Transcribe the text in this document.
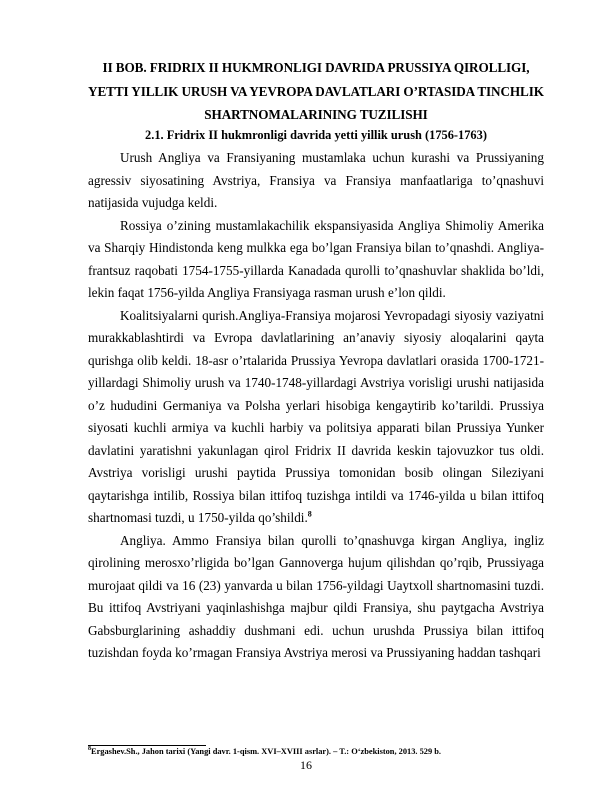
II BOB. FRIDRIX II HUKMRONLIGI DAVRIDA PRUSSIYA QIROLLIGI, YETTI YILLIK URUSH VA YEVROPA DAVLATLARI O’RTASIDA TINCHLIK SHARTNOMALARINING TUZILISHI
2.1. Fridrix II hukmronligi davrida yetti yillik urush (1756-1763)

Urush Angliya va Fransiyaning mustamlaka uchun kurashi va Prussiyaning agressiv siyosatining Avstriya, Fransiya va Fransiya manfaatlariga to’qnashuvi natijasida vujudga keldi.

Rossiya o’zining mustamlakachilik ekspansiyasida Angliya Shimoliy Amerika va Sharqiy Hindistonda keng mulkka ega bo’lgan Fransiya bilan to’qnashdi. Angliya-frantsuz raqobati 1754-1755-yillarda Kanadada qurolli to’qnashuvlar shaklida bo’ldi, lekin faqat 1756-yilda Angliya Fransiyaga rasman urush e’lon qildi.

Koalitsiyalarni qurish.Angliya-Fransiya mojarosi Yevropadagi siyosiy vaziyatni murakkablashtirdi va Evropa davlatlarining an’anaviy siyosiy aloqalarini qayta qurishga olib keldi. 18-asr o’rtalarida Prussiya Yevropa davlatlari orasida 1700-1721-yillardagi Shimoliy urush va 1740-1748-yillardagi Avstriya vorisligi urushi natijasida o’z hududini Germaniya va Polsha yerlari hisobiga kengaytirib ko’tarildi. Prussiya siyosati kuchli armiya va kuchli harbiy va politsiya apparati bilan Prussiya Yunker davlatini yaratishni yakunlagan qirol Fridrix II davrida keskin tajovuzkor tus oldi. Avstriya vorisligi urushi paytida Prussiya tomonidan bosib olingan Sileziyani qaytarishga intilib, Rossiya bilan ittifoq tuzishga intildi va 1746-yilda u bilan ittifoq shartnomasi tuzdi, u 1750-yilda qo’shildi.$^8$

Angliya. Ammo Fransiya bilan qurolli to’qnashuvga kirgan Angliya, ingliz qirolining merosxo’rligida bo’lgan Gannoverga hujum qilishdan qo’rqib, Prussiyaga murojaat qildi va 16 (23) yanvarda u bilan 1756-yildagi Uaytxoll shartnomasini tuzdi. Bu ittifoq Avstriyani yaqinlashishga majbur qildi Fransiya, shu paytgacha Avstriya Gabsburglarining ashaddiy dushmani edi. uchun urushda Prussiya bilan ittifoq tuzishdan foyda ko’rmagan Fransiya Avstriya merosi va Prussiyaning haddan tashqari

$^8$Ergashev.Sh., Jahon tarixi (Yangi davr. 1-qism. XVI–XVIII asrlar). – T.: O‘zbekiston, 2013. 529 b.
16
